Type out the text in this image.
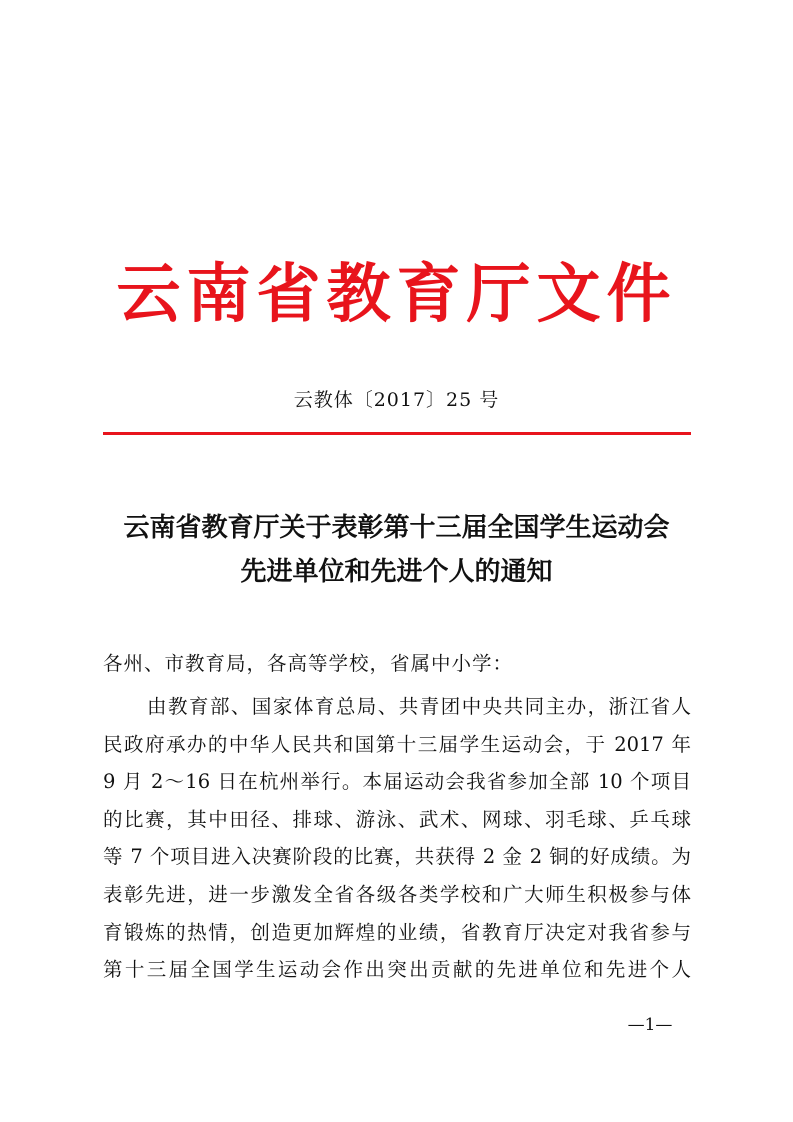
云南省教育厅文件
云教体〔2017〕25 号
云南省教育厅关于表彰第十三届全国学生运动会
先进单位和先进个人的通知
各州、市教育局，各高等学校，省属中小学：
由教育部、国家体育总局、共青团中央共同主办，浙江省人
民政府承办的中华人民共和国第十三届学生运动会，于 2017 年
9 月 2～16 日在杭州举行。本届运动会我省参加全部 10 个项目
的比赛，其中田径、排球、游泳、武术、网球、羽毛球、乒乓球
等 7 个项目进入决赛阶段的比赛，共获得 2 金 2 铜的好成绩。为
表彰先进，进一步激发全省各级各类学校和广大师生积极参与体
育锻炼的热情，创造更加辉煌的业绩，省教育厅决定对我省参与
第十三届全国学生运动会作出突出贡献的先进单位和先进个人
—1—
